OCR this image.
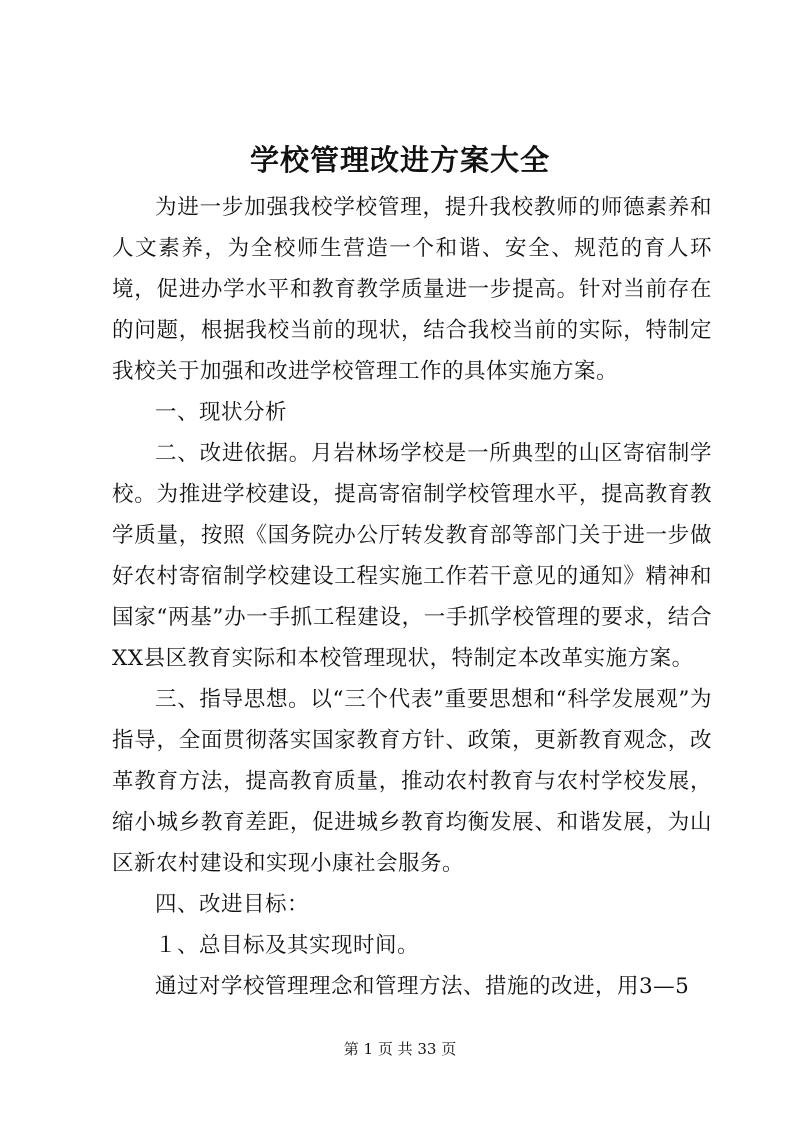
学校管理改进方案大全

为进一步加强我校学校管理，提升我校教师的师德素养和人文素养，为全校师生营造一个和谐、安全、规范的育人环境，促进办学水平和教育教学质量进一步提高。针对当前存在的问题，根据我校当前的现状，结合我校当前的实际，特制定我校关于加强和改进学校管理工作的具体实施方案。

一、现状分析

二、改进依据。月岩林场学校是一所典型的山区寄宿制学校。为推进学校建设，提高寄宿制学校管理水平，提高教育教学质量，按照《国务院办公厅转发教育部等部门关于进一步做好农村寄宿制学校建设工程实施工作若干意见的通知》精神和国家“两基”办一手抓工程建设，一手抓学校管理的要求，结合XX县区教育实际和本校管理现状，特制定本改革实施方案。

三、指导思想。以“三个代表”重要思想和“科学发展观”为指导，全面贯彻落实国家教育方针、政策，更新教育观念，改革教育方法，提高教育质量，推动农村教育与农村学校发展，缩小城乡教育差距，促进城乡教育均衡发展、和谐发展，为山区新农村建设和实现小康社会服务。

四、改进目标：

１、总目标及其实现时间。

通过对学校管理理念和管理方法、措施的改进，用3—5

第 1 页 共 33 页
